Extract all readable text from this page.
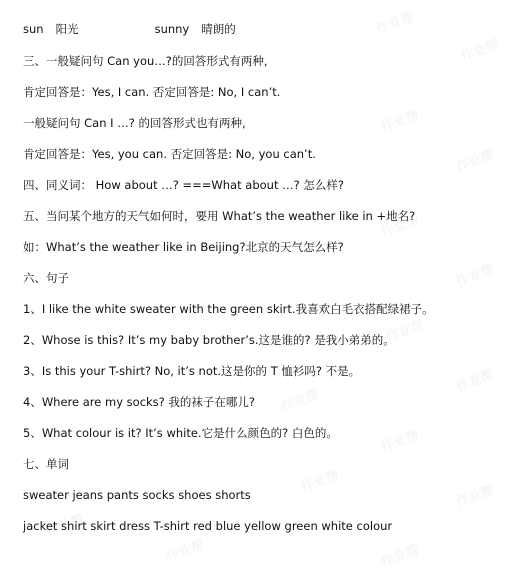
sun 阳光	sunny 晴朗的
三、一般疑问句 Can you…?的回答形式有两种,
肯定回答是：Yes, I can. 否定回答是: No, I can’t.
一般疑问句 Can I …? 的回答形式也有两种,
肯定回答是：Yes, you can. 否定回答是: No, you can’t.
四、同义词： How about …? ===What about …? 怎么样?
五、当问某个地方的天气如何时，要用 What’s the weather like in +地名?
如：What’s the weather like in Beijing?北京的天气怎么样?
六、句子
1、I like the white sweater with the green skirt.我喜欢白毛衣搭配绿裙子。
2、Whose is this? It’s my baby brother’s.这是谁的? 是我小弟弟的。
3、Is this your T-shirt? No, it’s not.这是你的 T 恤衫吗? 不是。
4、Where are my socks? 我的袜子在哪儿?
5、What colour is it? It’s white.它是什么颜色的? 白色的。
七、单词
sweater jeans pants socks shoes shorts
jacket shirt skirt dress T-shirt red blue yellow green white colour
